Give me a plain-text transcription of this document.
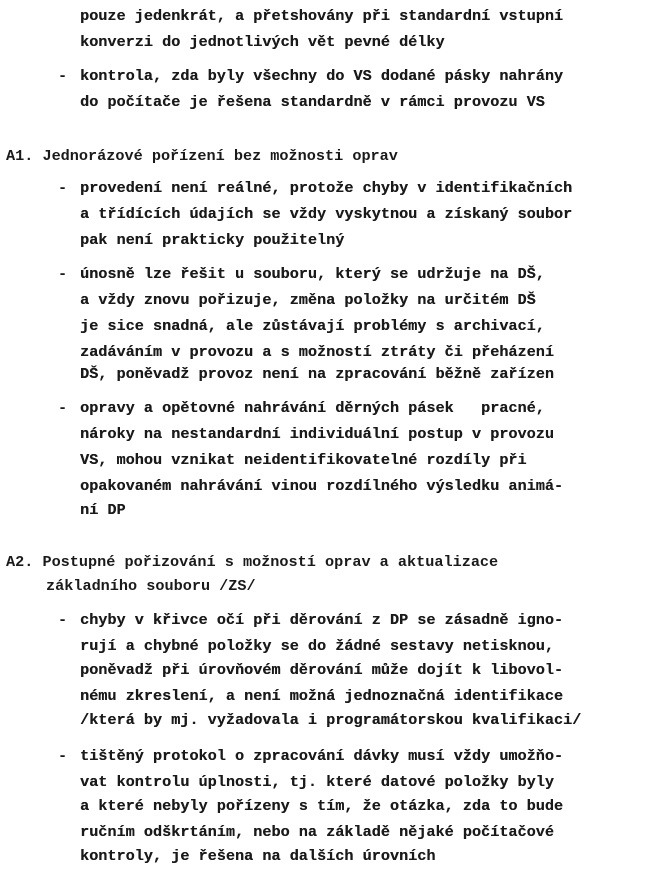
pouze jedenkrát, a přetshovány při standardní vstupní
konverzi do jednotlivých vět pevné délky
- kontrola, zda byly všechny do VS dodané pásky nahrány
do počítače je řešena standardně v rámci provozu VS
A1. Jednorázové pořízení bez možnosti oprav
- provedení není reálné, protože chyby v identifikačních
a třídících údajích se vždy vyskytnou a získaný soubor
pak není prakticky použitelný
- únosně lze řešit u souboru, který se udržuje na DŠ,
a vždy znovu pořizuje, změna položky na určitém DŠ
je sice snadná, ale zůstávají problémy s archivací,
zadáváním v provozu a s možností ztráty či přeházení
DŠ, poněvadž provoz není na zpracování běžně zařízen
- opravy a opětovné nahrávání děrných pásek   pracné,
nároky na nestandardní individuální postup v provozu
VS, mohou vznikat neidentifikovatelné rozdíly při
opakovaném nahrávání vinou rozdílného výsledku animá-
ní DP
A2. Postupné pořizování s možností oprav a aktualizace
základního souboru /ZS/
- chyby v křivce očí při děrování z DP se zásadně igno-
rují a chybné položky se do žádné sestavy netisknou,
poněvadž při úrovňovém děrování může dojít k libovol-
nému zkreslení, a není možná jednoznačná identifikace
/která by mj. vyžadovala i programátorskou kvalifikaci/
- tištěný protokol o zpracování dávky musí vždy umožňo-
vat kontrolu úplnosti, tj. které datové položky byly
a které nebyly pořízeny s tím, že otázka, zda to bude
ručním odškrtáním, nebo na základě nějaké počítačové
kontroly, je řešena na dalších úrovních
